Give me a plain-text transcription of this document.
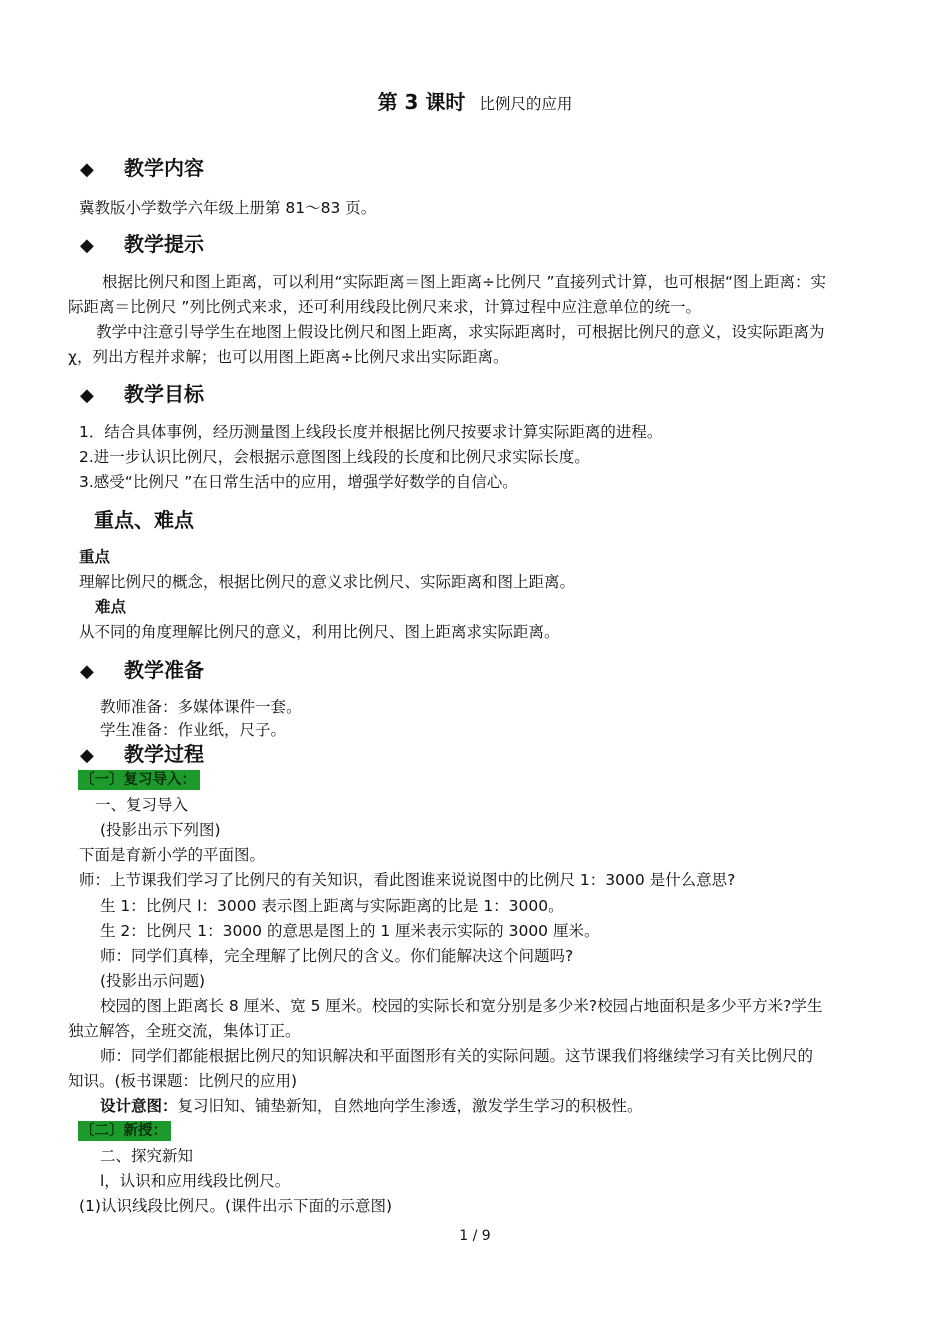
第 3 课时 比例尺的应用
◆ 教学内容
冀教版小学数学六年级上册第 81～83 页。
◆ 教学提示
根据比例尺和图上距离，可以利用“实际距离＝图上距离÷比例尺 ”直接列式计算，也可根据“图上距离：实
际距离＝比例尺 ”列比例式来求，还可利用线段比例尺来求，计算过程中应注意单位的统一。
教学中注意引导学生在地图上假设比例尺和图上距离，求实际距离时，可根据比例尺的意义，设实际距离为
χ，列出方程并求解；也可以用图上距离÷比例尺求出实际距离。
◆ 教学目标
1．结合具体事例，经历测量图上线段长度并根据比例尺按要求计算实际距离的进程。
2.进一步认识比例尺，会根据示意图图上线段的长度和比例尺求实际长度。
3.感受“比例尺 ”在日常生活中的应用，增强学好数学的自信心。
重点、难点
重点
理解比例尺的概念，根据比例尺的意义求比例尺、实际距离和图上距离。
难点
从不同的角度理解比例尺的意义，利用比例尺、图上距离求实际距离。
◆ 教学准备
教师准备：多媒体课件一套。
学生准备：作业纸，尺子。
◆ 教学过程
〔一〕复习导入：
一、复习导入
(投影出示下列图)
下面是育新小学的平面图。
师：上节课我们学习了比例尺的有关知识，看此图谁来说说图中的比例尺 1：3000 是什么意思?
生 1：比例尺 l：3000 表示图上距离与实际距离的比是 1：3000。
生 2：比例尺 1：3000 的意思是图上的 1 厘米表示实际的 3000 厘米。
师：同学们真棒，完全理解了比例尺的含义。你们能解决这个问题吗?
(投影出示问题)
校园的图上距离长 8 厘米、宽 5 厘米。校园的实际长和宽分别是多少米?校园占地面积是多少平方米?学生
独立解答，全班交流，集体订正。
师：同学们都能根据比例尺的知识解决和平面图形有关的实际问题。这节课我们将继续学习有关比例尺的
知识。(板书课题：比例尺的应用)
设计意图：复习旧知、铺垫新知，自然地向学生渗透，激发学生学习的积极性。
〔二〕新授：
二、探究新知
l，认识和应用线段比例尺。
(1)认识线段比例尺。(课件出示下面的示意图)
1 / 9
